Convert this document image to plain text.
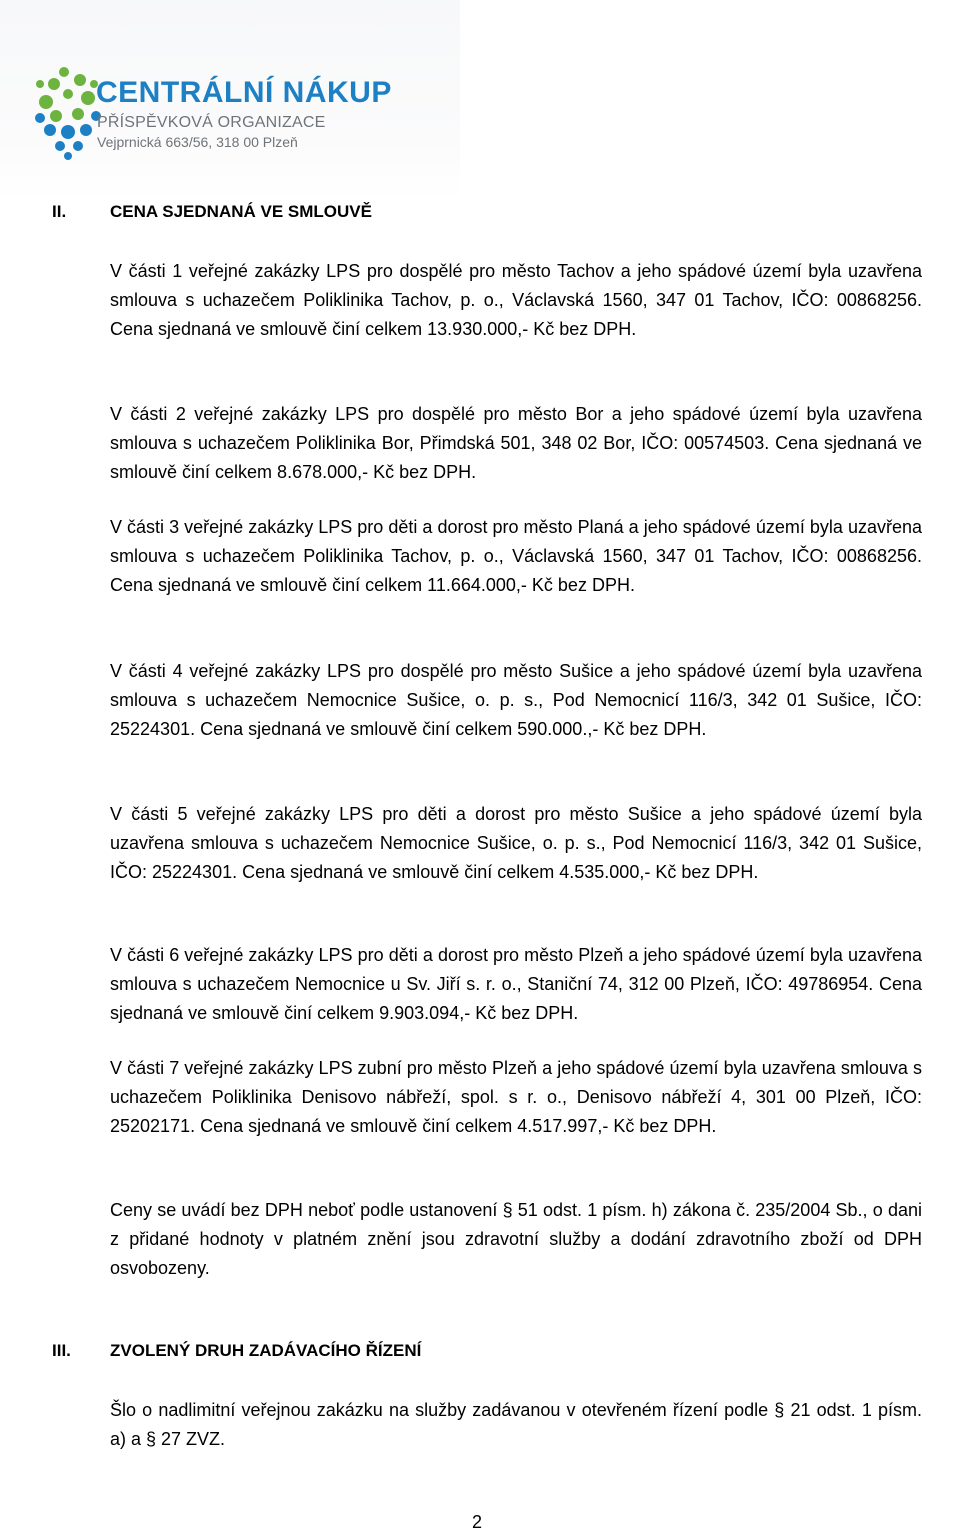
CENTRÁLNÍ NÁKUP
PŘÍSPĚVKOVÁ ORGANIZACE
Vejprnická 663/56, 318 00 Plzeň
II.	CENA SJEDNANÁ VE SMLOUVĚ

V části 1 veřejné zakázky LPS pro dospělé pro město Tachov a jeho spádové území byla uzavřena smlouva s uchazečem Poliklinika Tachov, p. o., Václavská 1560, 347 01 Tachov, IČO: 00868256. Cena sjednaná ve smlouvě činí celkem 13.930.000,- Kč bez DPH.

V části 2 veřejné zakázky LPS pro dospělé pro město Bor a jeho spádové území byla uzavřena smlouva s uchazečem Poliklinika Bor, Přimdská 501, 348 02 Bor, IČO: 00574503. Cena sjednaná ve smlouvě činí celkem 8.678.000,- Kč bez DPH.

V části 3 veřejné zakázky LPS pro děti a dorost pro město Planá a jeho spádové území byla uzavřena smlouva s uchazečem Poliklinika Tachov, p. o., Václavská 1560, 347 01 Tachov, IČO: 00868256. Cena sjednaná ve smlouvě činí celkem 11.664.000,- Kč bez DPH.

V části 4 veřejné zakázky LPS pro dospělé pro město Sušice a jeho spádové území byla uzavřena smlouva s uchazečem Nemocnice Sušice, o. p. s., Pod Nemocnicí 116/3, 342 01 Sušice, IČO: 25224301. Cena sjednaná ve smlouvě činí celkem 590.000.,- Kč bez DPH.

V části 5 veřejné zakázky LPS pro děti a dorost pro město Sušice a jeho spádové území byla uzavřena smlouva s uchazečem Nemocnice Sušice, o. p. s., Pod Nemocnicí 116/3, 342 01 Sušice, IČO: 25224301. Cena sjednaná ve smlouvě činí celkem 4.535.000,- Kč bez DPH.

V části 6 veřejné zakázky LPS pro děti a dorost pro město Plzeň a jeho spádové území byla uzavřena smlouva s uchazečem Nemocnice u Sv. Jiří s. r. o., Staniční 74, 312 00 Plzeň, IČO: 49786954. Cena sjednaná ve smlouvě činí celkem 9.903.094,- Kč bez DPH.

V části 7 veřejné zakázky LPS zubní pro město Plzeň a jeho spádové území byla uzavřena smlouva s uchazečem Poliklinika Denisovo nábřeží, spol. s r. o., Denisovo nábřeží 4, 301 00 Plzeň, IČO: 25202171. Cena sjednaná ve smlouvě činí celkem 4.517.997,- Kč bez DPH.

Ceny se uvádí bez DPH neboť podle ustanovení § 51 odst. 1 písm. h) zákona č. 235/2004 Sb., o dani z přidané hodnoty v platném znění jsou zdravotní služby a dodání zdravotního zboží od DPH osvobozeny.

III. ZVOLENÝ DRUH ZADÁVACÍHO ŘÍZENÍ

Šlo o nadlimitní veřejnou zakázku na služby zadávanou v otevřeném řízení podle § 21 odst. 1 písm. a) a § 27 ZVZ.

2
